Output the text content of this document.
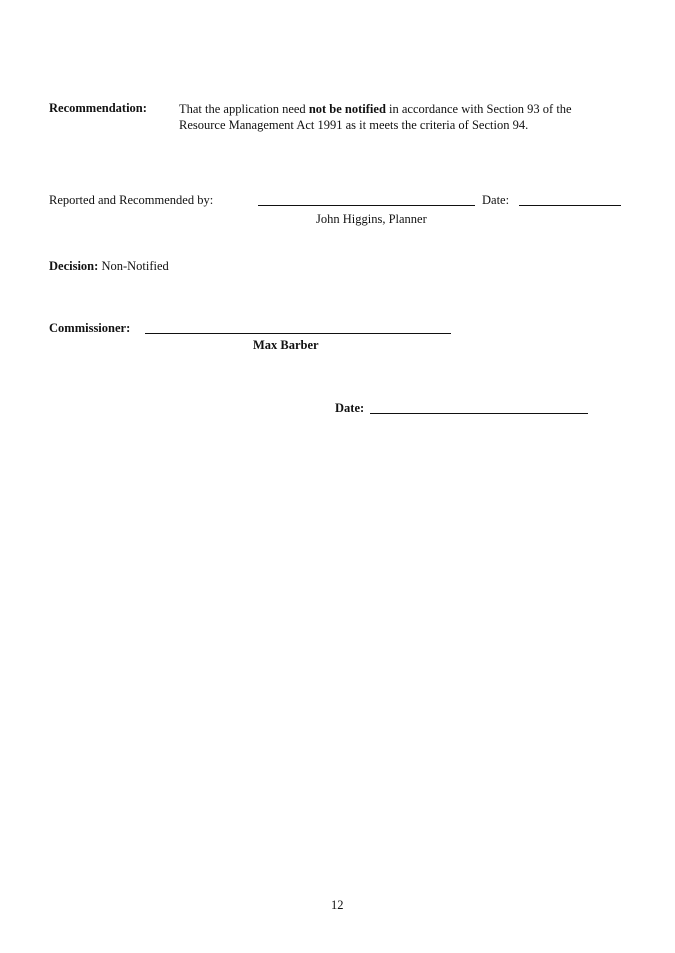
Recommendation:	That the application need not be notified in accordance with Section 93 of the
Resource Management Act 1991 as it meets the criteria of Section 94.
Reported and Recommended by:	Date:
John Higgins, Planner
Decision: Non-Notified
Commissioner:
Max Barber
Date:
12
